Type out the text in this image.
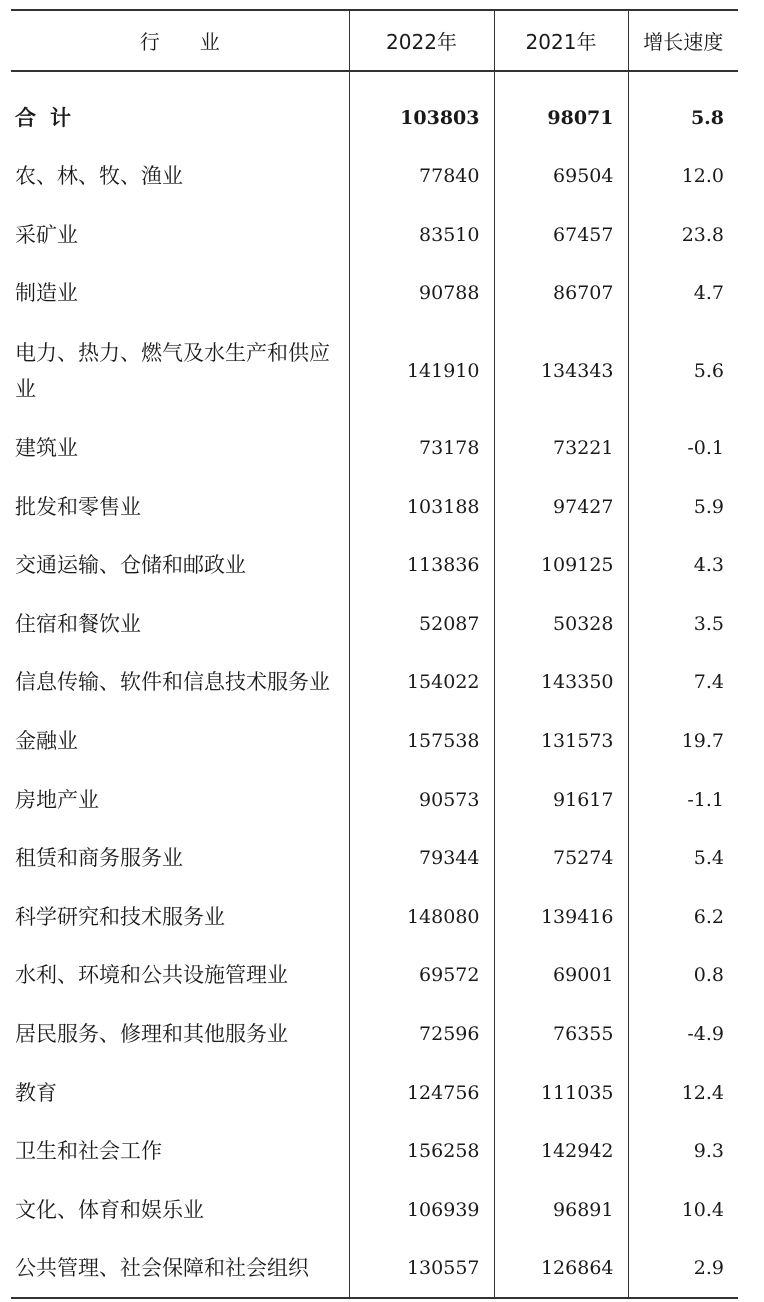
行　　业	2022年	2021年	增长速度
合计	103803	98071	5.8
农、林、牧、渔业	77840	69504	12.0
采矿业	83510	67457	23.8
制造业	90788	86707	4.7
电力、热力、燃气及水生产和供应业	141910	134343	5.6
建筑业	73178	73221	-0.1
批发和零售业	103188	97427	5.9
交通运输、仓储和邮政业	113836	109125	4.3
住宿和餐饮业	52087	50328	3.5
信息传输、软件和信息技术服务业	154022	143350	7.4
金融业	157538	131573	19.7
房地产业	90573	91617	-1.1
租赁和商务服务业	79344	75274	5.4
科学研究和技术服务业	148080	139416	6.2
水利、环境和公共设施管理业	69572	69001	0.8
居民服务、修理和其他服务业	72596	76355	-4.9
教育	124756	111035	12.4
卫生和社会工作	156258	142942	9.3
文化、体育和娱乐业	106939	96891	10.4
公共管理、社会保障和社会组织	130557	126864	2.9
